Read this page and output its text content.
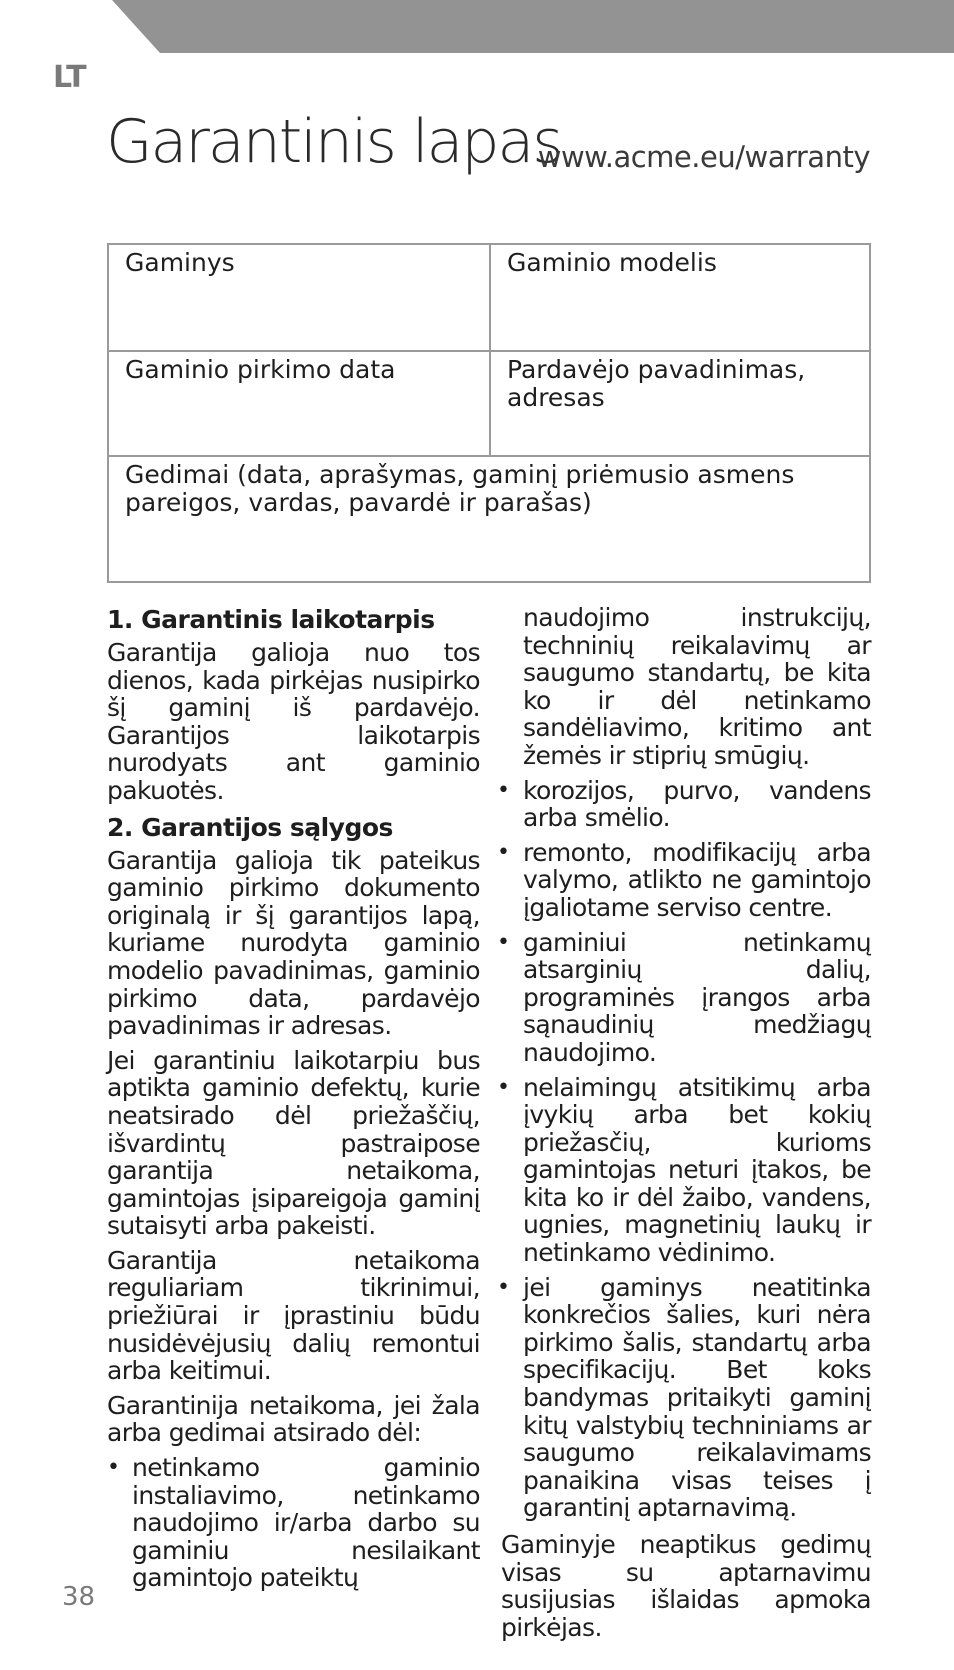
LT
Garantinis lapas
www.acme.eu/warranty
Gaminys	Gaminio modelis
Gaminio pirkimo data	Pardavėjo pavadinimas, adresas
Gedimai (data, aprašymas, gaminį priėmusio asmens pareigos, vardas, pavardė ir parašas)
1. Garantinis laikotarpis

Garantija galioja nuo tos dienos, kada pirkėjas nusipirko šį gaminį iš pardavėjo. Garantijos laikotarpis nurodyats ant gaminio pakuotės.

2. Garantijos sąlygos

Garantija galioja tik pateikus gaminio pirkimo dokumento originalą ir šį garantijos lapą, kuriame nurodyta gaminio modelio pavadinimas, gaminio pirkimo data, pardavėjo pavadinimas ir adresas.

Jei garantiniu laikotarpiu bus aptikta gaminio defektų, kurie neatsirado dėl priežaščių, išvardintų pastraipose garantija netaikoma, gamintojas įsipareigoja gaminį sutaisyti arba pakeisti.

Garantija netaikoma reguliariam tikrinimui, priežiūrai ir įprastiniu būdu nusidėvėjusių dalių remontui arba keitimui.

Garantinija netaikoma, jei žala arba gedimai atsirado dėl:

• netinkamo gaminio instaliavimo, netinkamo naudojimo ir/arba darbo su gaminiu nesilaikant gamintojo pateiktų

naudojimo instrukcijų, techninių reikalavimų ar saugumo standartų, be kita ko ir dėl netinkamo sandėliavimo, kritimo ant žemės ir stiprių smūgių.

• korozijos, purvo, vandens arba smėlio.
• remonto, modifikacijų arba valymo, atlikto ne gamintojo įgaliotame serviso centre.
• gaminiui netinkamų atsarginių dalių, programinės įrangos arba sąnaudinių medžiagų naudojimo.
• nelaimingų atsitikimų arba įvykių arba bet kokių priežasčių, kurioms gamintojas neturi įtakos, be kita ko ir dėl žaibo, vandens, ugnies, magnetinių laukų ir netinkamo vėdinimo.
• jei gaminys neatitinka konkrečios šalies, kuri nėra pirkimo šalis, standartų arba specifikacijų. Bet koks bandymas pritaikyti gaminį kitų valstybių techniniams ar saugumo reikalavimams panaikina visas teises į garantinį aptarnavimą.

Gaminyje neaptikus gedimų visas su aptarnavimu susijusias išlaidas apmoka pirkėjas.

38
